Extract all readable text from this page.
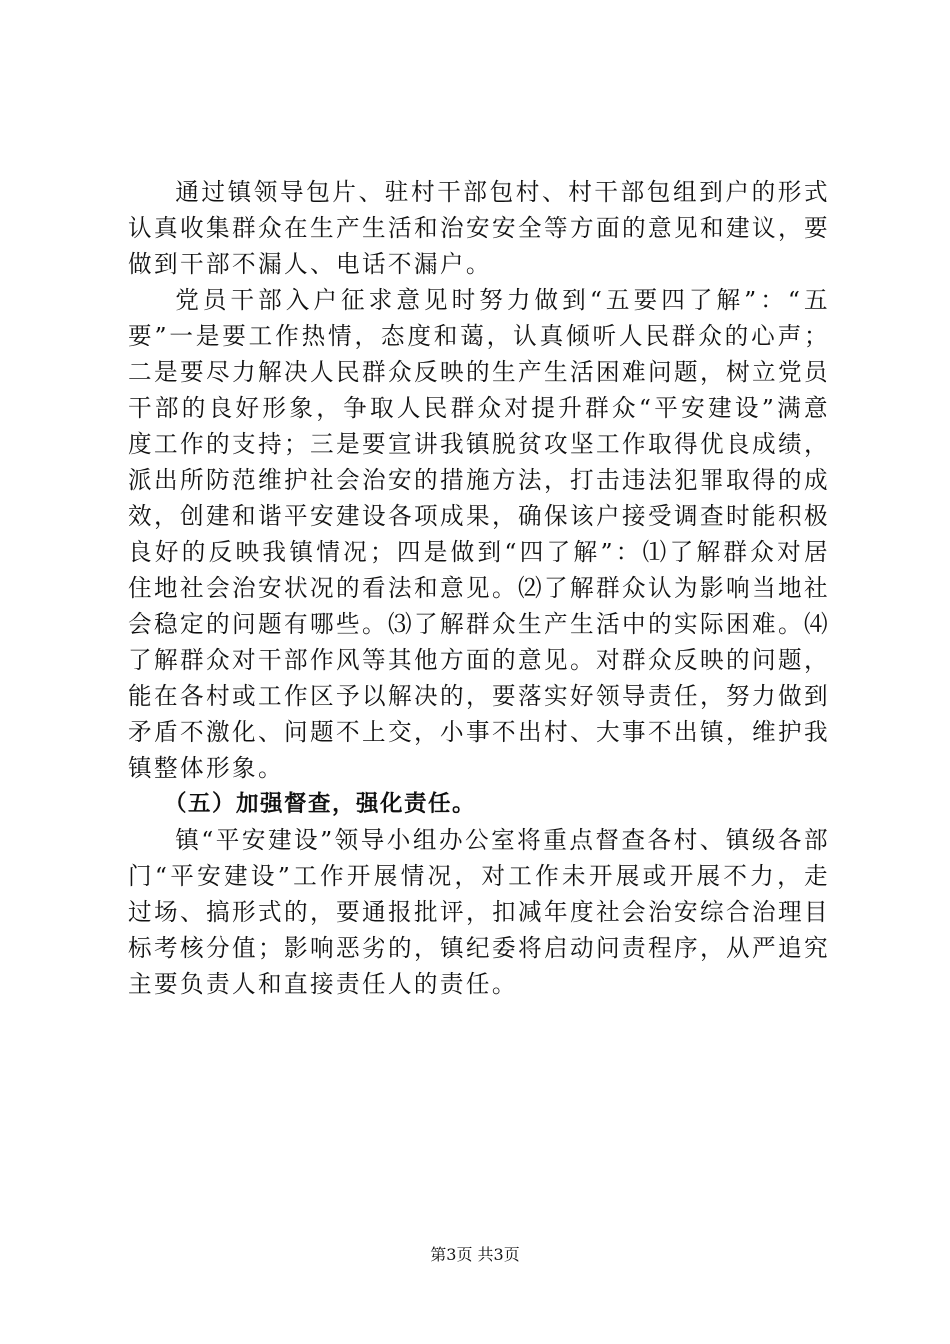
通过镇领导包片、驻村干部包村、村干部包组到户的形式认真收集群众在生产生活和治安安全等方面的意见和建议，要做到干部不漏人、电话不漏户。

党员干部入户征求意见时努力做到“五要四了解”：“五要”一是要工作热情，态度和蔼，认真倾听人民群众的心声；二是要尽力解决人民群众反映的生产生活困难问题，树立党员干部的良好形象，争取人民群众对提升群众“平安建设”满意度工作的支持；三是要宣讲我镇脱贫攻坚工作取得优良成绩，派出所防范维护社会治安的措施方法，打击违法犯罪取得的成效，创建和谐平安建设各项成果，确保该户接受调查时能积极良好的反映我镇情况；四是做到“四了解”：⑴了解群众对居住地社会治安状况的看法和意见。⑵了解群众认为影响当地社会稳定的问题有哪些。⑶了解群众生产生活中的实际困难。⑷了解群众对干部作风等其他方面的意见。对群众反映的问题，能在各村或工作区予以解决的，要落实好领导责任，努力做到矛盾不激化、问题不上交，小事不出村、大事不出镇，维护我镇整体形象。

（五）加强督查，强化责任。

镇“平安建设”领导小组办公室将重点督查各村、镇级各部门“平安建设”工作开展情况，对工作未开展或开展不力，走过场、搞形式的，要通报批评，扣减年度社会治安综合治理目标考核分值；影响恶劣的，镇纪委将启动问责程序，从严追究主要负责人和直接责任人的责任。

第3页 共3页
